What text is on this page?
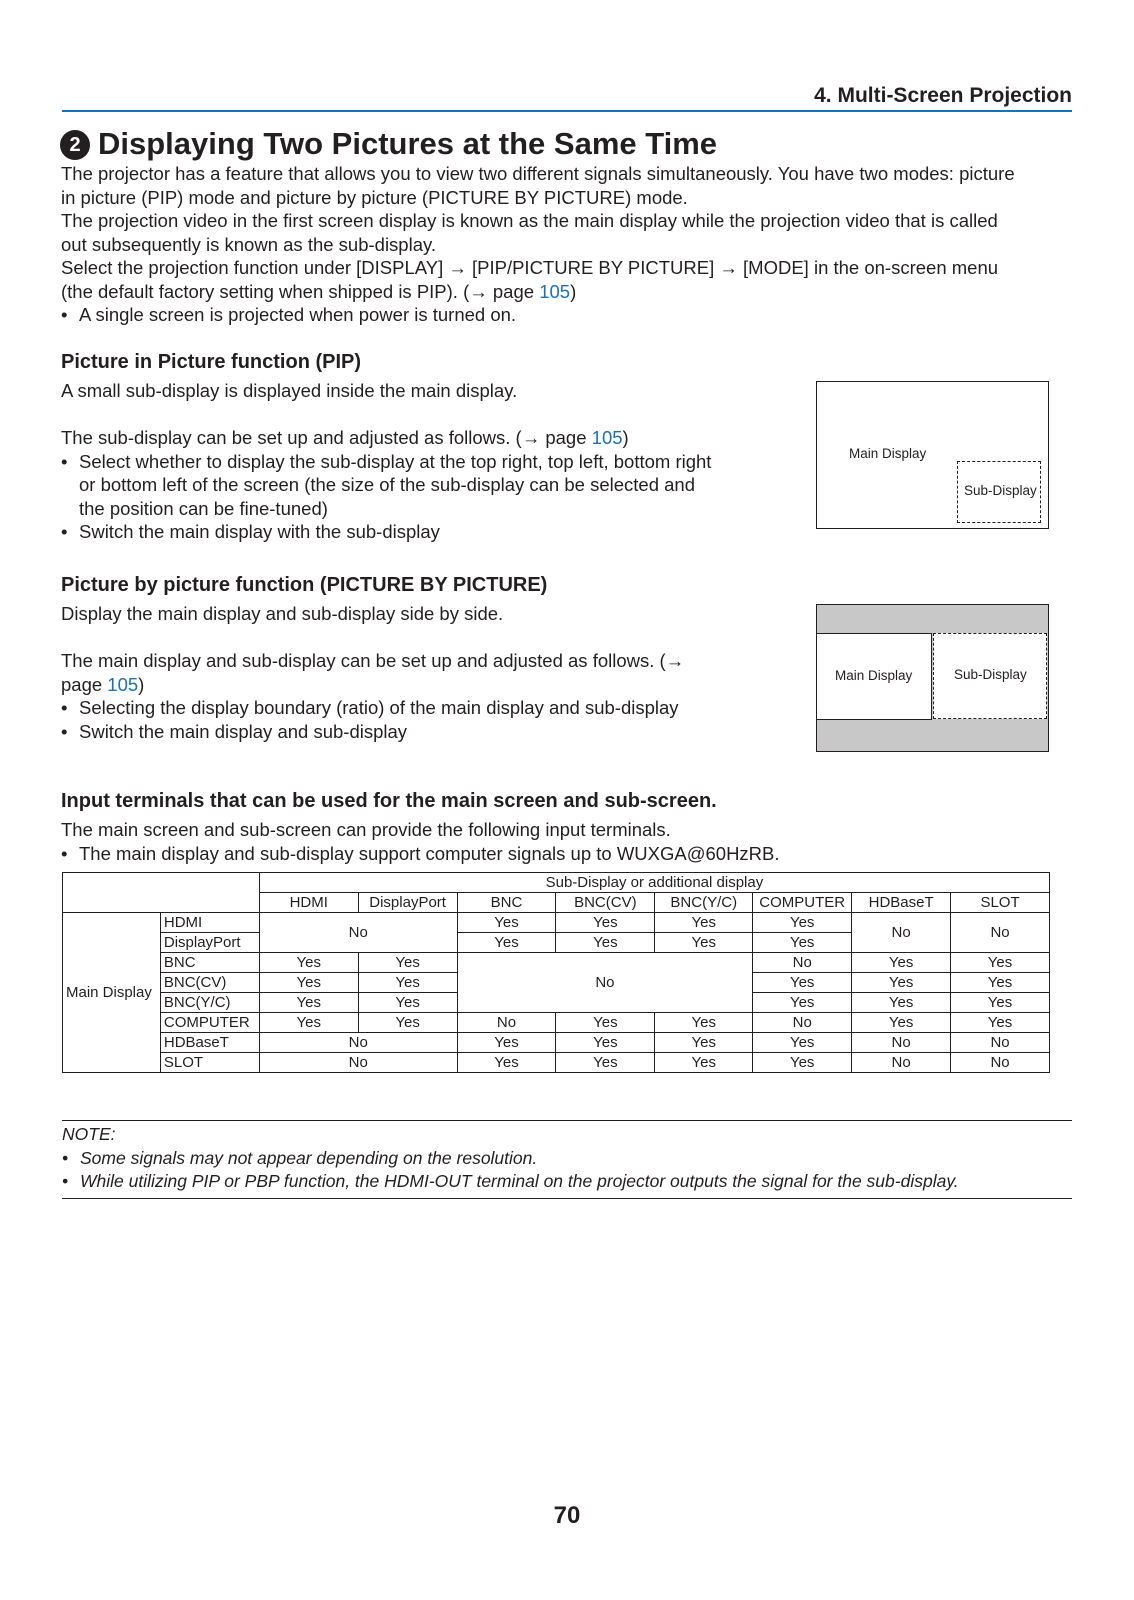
4. Multi-Screen Projection
2 Displaying Two Pictures at the Same Time
The projector has a feature that allows you to view two different signals simultaneously. You have two modes: picture
in picture (PIP) mode and picture by picture (PICTURE BY PICTURE) mode.
The projection video in the first screen display is known as the main display while the projection video that is called
out subsequently is known as the sub-display.
Select the projection function under [DISPLAY] → [PIP/PICTURE BY PICTURE] → [MODE] in the on-screen menu
(the default factory setting when shipped is PIP). (→ page 105)
• A single screen is projected when power is turned on.
Picture in Picture function (PIP)
A small sub-display is displayed inside the main display.

The sub-display can be set up and adjusted as follows. (→ page 105)
• Select whether to display the sub-display at the top right, top left, bottom right
or bottom left of the screen (the size of the sub-display can be selected and
the position can be fine-tuned)
• Switch the main display with the sub-display
Main Display
Sub-Display
Picture by picture function (PICTURE BY PICTURE)
Display the main display and sub-display side by side.

The main display and sub-display can be set up and adjusted as follows. (→
page 105)
• Selecting the display boundary (ratio) of the main display and sub-display
• Switch the main display and sub-display
Main Display	Sub-Display
Input terminals that can be used for the main screen and sub-screen.
The main screen and sub-screen can provide the following input terminals.
• The main display and sub-display support computer signals up to WUXGA@60HzRB.
		Sub-Display or additional display							
		HDMI	DisplayPort	BNC	BNC(CV)	BNC(Y/C)	COMPUTER	HDBaseT	SLOT
Main Display	HDMI	No		Yes	Yes	Yes	Yes	No	No
	DisplayPort			Yes	Yes	Yes	Yes		
	BNC	Yes	Yes	No			No	Yes	Yes
	BNC(CV)	Yes	Yes				Yes	Yes	Yes
	BNC(Y/C)	Yes	Yes				Yes	Yes	Yes
	COMPUTER	Yes	Yes	No	Yes	Yes	No	Yes	Yes
	HDBaseT	No		Yes	Yes	Yes	Yes	No	No
	SLOT	No		Yes	Yes	Yes	Yes	No	No
NOTE:
• Some signals may not appear depending on the resolution.
• While utilizing PIP or PBP function, the HDMI-OUT terminal on the projector outputs the signal for the sub-display.
70
